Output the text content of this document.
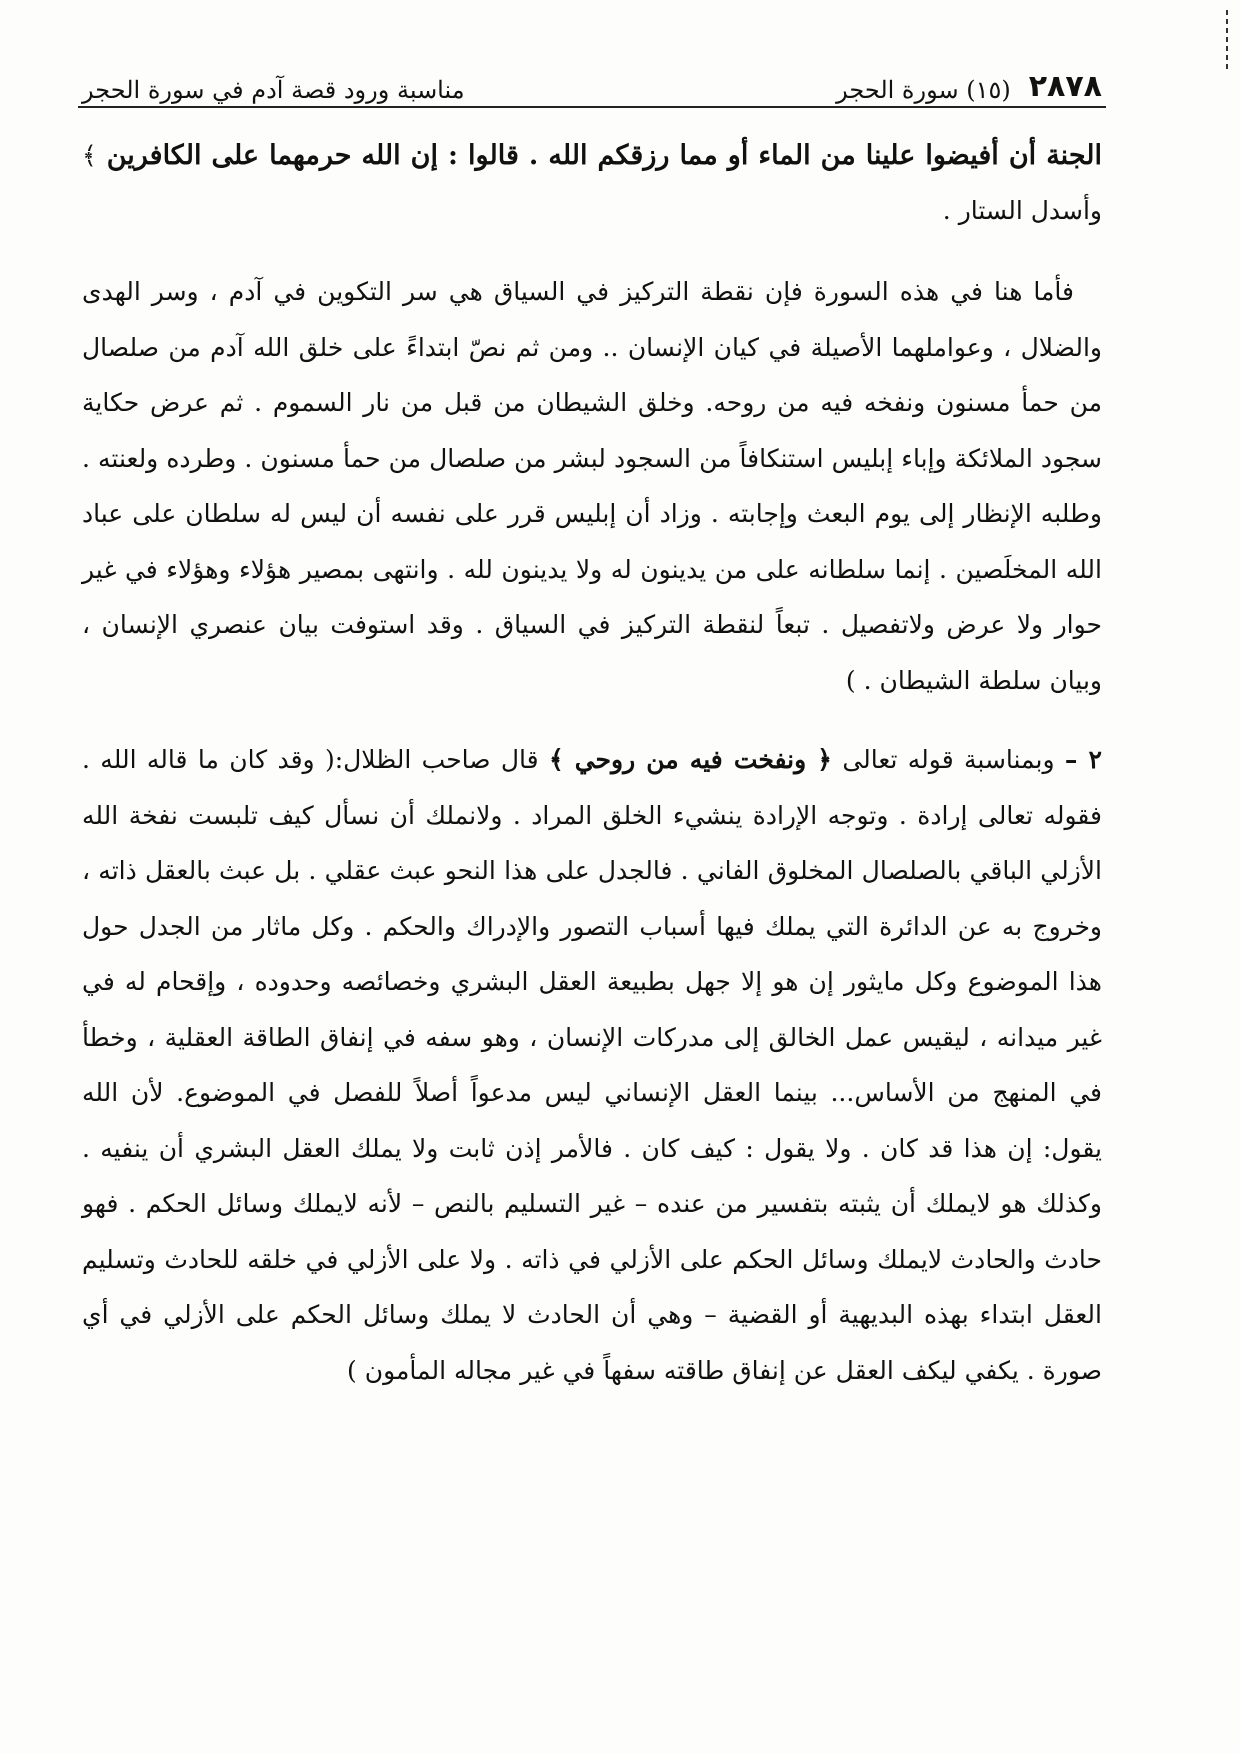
٢٨٧٨
(١٥) سورة الحجر
مناسبة ورود قصة آدم في سورة الحجر

الجنة أن أفيضوا علينا من الماء أو مما رزقكم الله . قالوا : إن الله حرمهما على الكافرين ﴾ وأسدل الستار .

فأما هنا في هذه السورة فإن نقطة التركيز في السياق هي سر التكوين في آدم ، وسر الهدى والضلال ، وعواملهما الأصيلة في كيان الإنسان .. ومن ثم نصّ ابتداءً على خلق الله آدم من صلصال من حمأ مسنون ونفخه فيه من روحه. وخلق الشيطان من قبل من نار السموم . ثم عرض حكاية سجود الملائكة وإباء إبليس استنكافاً من السجود لبشر من صلصال من حمأ مسنون . وطرده ولعنته . وطلبه الإنظار إلى يوم البعث وإجابته . وزاد أن إبليس قرر على نفسه أن ليس له سلطان على عباد الله المخلَصين . إنما سلطانه على من يدينون له ولا يدينون لله . وانتهى بمصير هؤلاء وهؤلاء في غير حوار ولا عرض ولاتفصيل . تبعاً لنقطة التركيز في السياق . وقد استوفت بيان عنصري الإنسان ، وبيان سلطة الشيطان . )

٢ – وبمناسبة قوله تعالى ﴿ ونفخت فيه من روحي ﴾ قال صاحب الظلال:( وقد كان ما قاله الله . فقوله تعالى إرادة . وتوجه الإرادة ينشيء الخلق المراد . ولانملك أن نسأل كيف تلبست نفخة الله الأزلي الباقي بالصلصال المخلوق الفاني . فالجدل على هذا النحو عبث عقلي . بل عبث بالعقل ذاته ، وخروج به عن الدائرة التي يملك فيها أسباب التصور والإدراك والحكم . وكل ماثار من الجدل حول هذا الموضوع وكل مايثور إن هو إلا جهل بطبيعة العقل البشري وخصائصه وحدوده ، وإقحام له في غير ميدانه ، ليقيس عمل الخالق إلى مدركات الإنسان ، وهو سفه في إنفاق الطاقة العقلية ، وخطأ في المنهج من الأساس... بينما العقل الإنساني ليس مدعواً أصلاً للفصل في الموضوع. لأن الله يقول: إن هذا قد كان . ولا يقول : كيف كان . فالأمر إذن ثابت ولا يملك العقل البشري أن ينفيه . وكذلك هو لايملك أن يثبته بتفسير من عنده – غير التسليم بالنص – لأنه لايملك وسائل الحكم . فهو حادث والحادث لايملك وسائل الحكم على الأزلي في ذاته . ولا على الأزلي في خلقه للحادث وتسليم العقل ابتداء بهذه البديهية أو القضية – وهي أن الحادث لا يملك وسائل الحكم على الأزلي في أي صورة . يكفي ليكف العقل عن إنفاق طاقته سفهاً في غير مجاله المأمون )
